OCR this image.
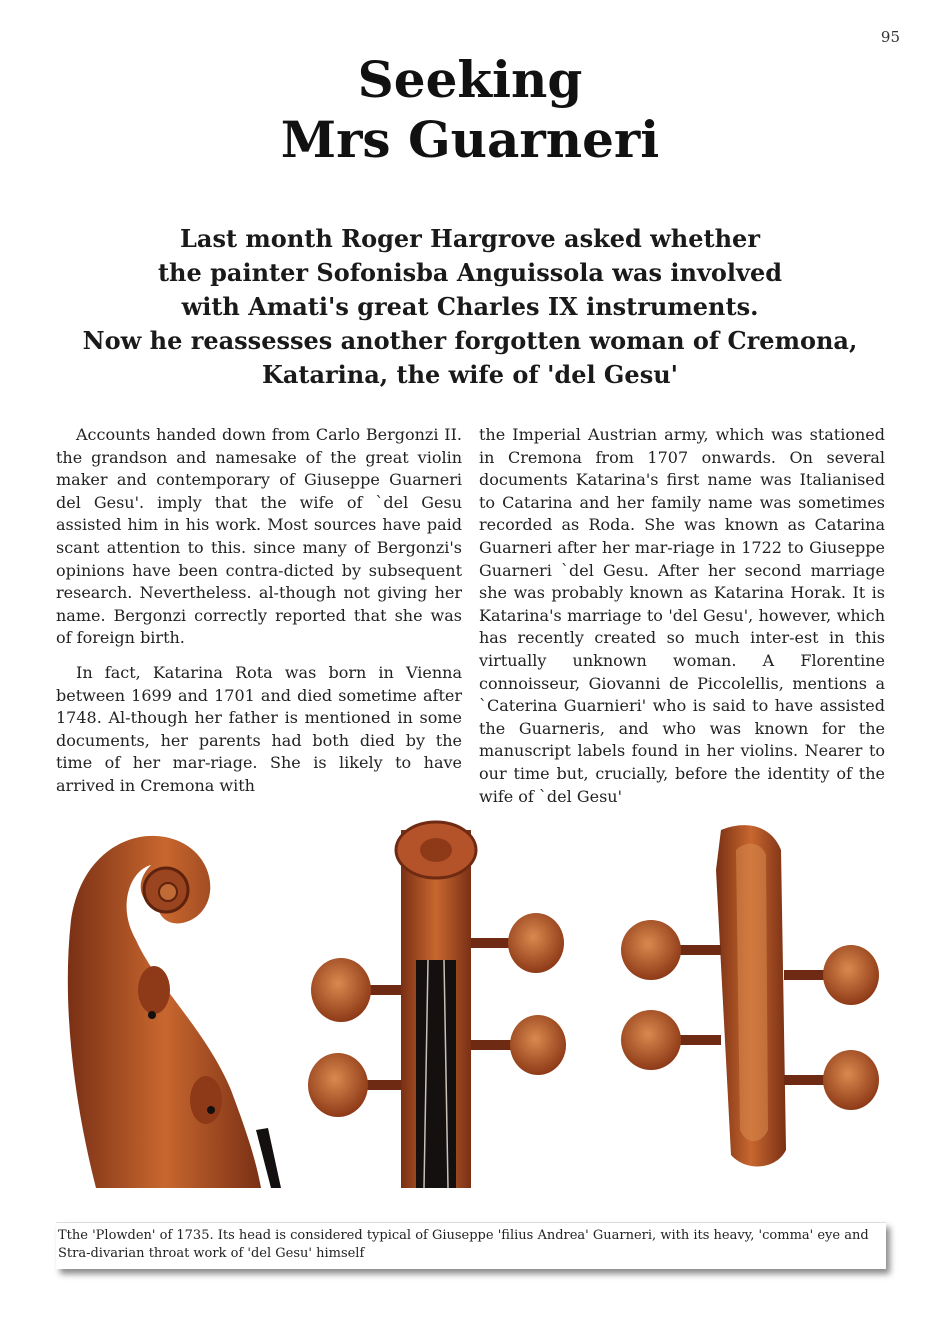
95
Seeking
Mrs Guarneri
Last month Roger Hargrove asked whether
the painter Sofonisba Anguissola was involved
with Amati's great Charles IX instruments.
Now he reassesses another forgotten woman of Cremona,
Katarina, the wife of 'del Gesu'

Accounts handed down from Carlo Bergonzi II. the grandson and namesake of the great violin maker and contemporary of Giuseppe Guarneri del Gesu'. imply that the wife of `del Gesu assisted him in his work. Most sources have paid scant attention to this. since many of Bergonzi's opinions have been contra-dicted by subsequent research. Nevertheless. al-though not giving her name. Bergonzi correctly reported that she was of foreign birth.

In fact, Katarina Rota was born in Vienna between 1699 and 1701 and died sometime after 1748. Al-though her father is mentioned in some documents, her parents had both died by the time of her mar-riage. She is likely to have arrived in Cremona with

the Imperial Austrian army, which was stationed in Cremona from 1707 onwards. On several documents Katarina's first name was Italianised to Catarina and her family name was sometimes recorded as Roda. She was known as Catarina Guarneri after her mar-riage in 1722 to Giuseppe Guarneri `del Gesu. After her second marriage she was probably known as Katarina Horak. It is Katarina's marriage to 'del Gesu', however, which has recently created so much inter-est in this virtually unknown woman. A Florentine connoisseur, Giovanni de Piccolellis, mentions a `Caterina Guarnieri' who is said to have assisted the Guarneris, and who was known for the manuscript labels found in her violins. Nearer to our time but, crucially, before the identity of the wife of `del Gesu'

Tthe 'Plowden' of 1735. Its head is considered typical of Giuseppe 'filius Andrea' Guarneri, with its heavy, 'comma' eye and Stra-divarian throat work of 'del Gesu' himself
